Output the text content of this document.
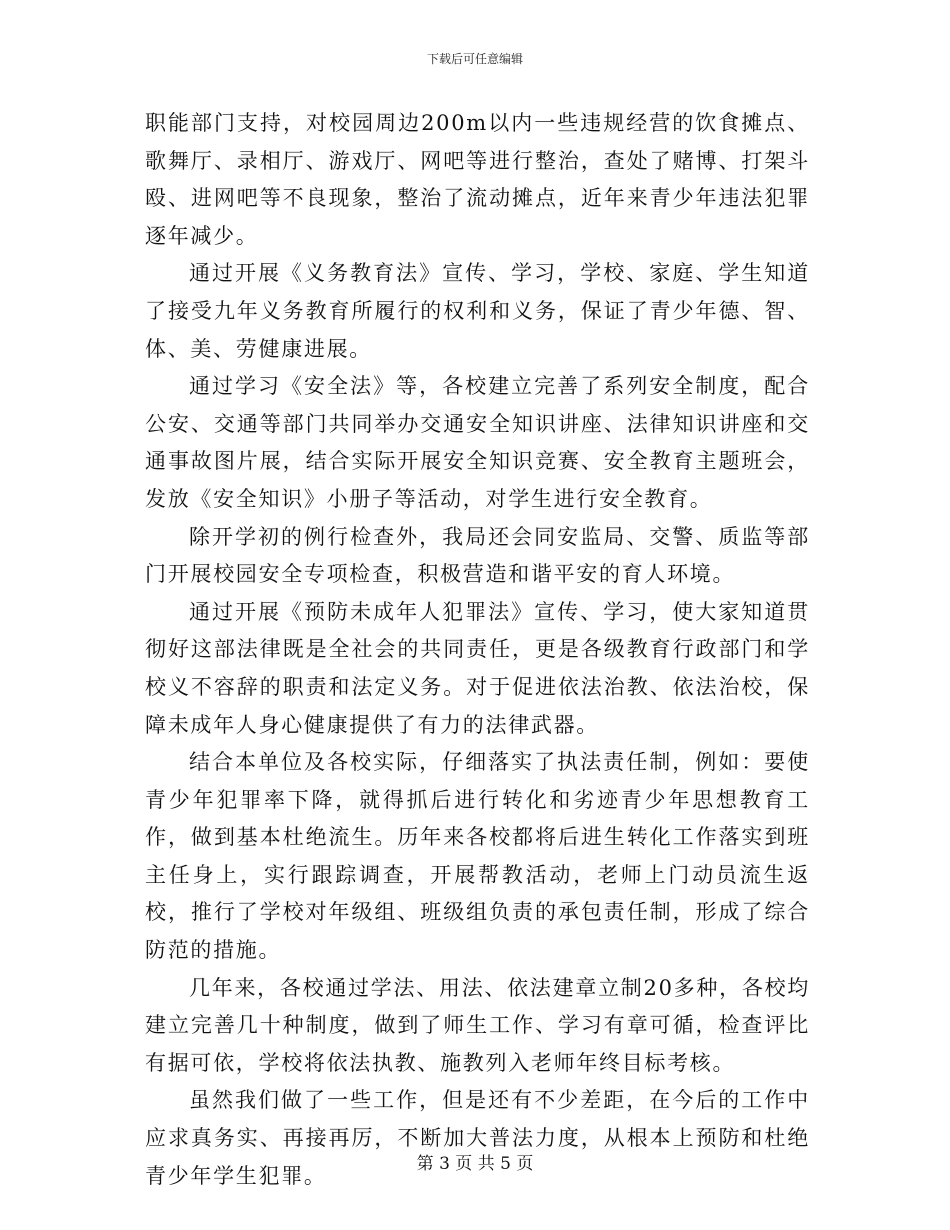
下载后可任意编辑

职能部门支持，对校园周边200m以内一些违规经营的饮食摊点、歌舞厅、录相厅、游戏厅、网吧等进行整治，查处了赌博、打架斗殴、进网吧等不良现象，整治了流动摊点，近年来青少年违法犯罪逐年减少。

通过开展《义务教育法》宣传、学习，学校、家庭、学生知道了接受九年义务教育所履行的权利和义务，保证了青少年德、智、体、美、劳健康进展。

通过学习《安全法》等，各校建立完善了系列安全制度，配合公安、交通等部门共同举办交通安全知识讲座、法律知识讲座和交通事故图片展，结合实际开展安全知识竞赛、安全教育主题班会，发放《安全知识》小册子等活动，对学生进行安全教育。

除开学初的例行检查外，我局还会同安监局、交警、质监等部门开展校园安全专项检查，积极营造和谐平安的育人环境。

通过开展《预防未成年人犯罪法》宣传、学习，使大家知道贯彻好这部法律既是全社会的共同责任，更是各级教育行政部门和学校义不容辞的职责和法定义务。对于促进依法治教、依法治校，保障未成年人身心健康提供了有力的法律武器。

结合本单位及各校实际，仔细落实了执法责任制，例如：要使青少年犯罪率下降，就得抓后进行转化和劣迹青少年思想教育工作，做到基本杜绝流生。历年来各校都将后进生转化工作落实到班主任身上，实行跟踪调查，开展帮教活动，老师上门动员流生返校，推行了学校对年级组、班级组负责的承包责任制，形成了综合防范的措施。

几年来，各校通过学法、用法、依法建章立制20多种，各校均建立完善几十种制度，做到了师生工作、学习有章可循，检查评比有据可依，学校将依法执教、施教列入老师年终目标考核。

虽然我们做了一些工作，但是还有不少差距，在今后的工作中应求真务实、再接再厉，不断加大普法力度，从根本上预防和杜绝青少年学生犯罪。	第 3 页 共 5 页
